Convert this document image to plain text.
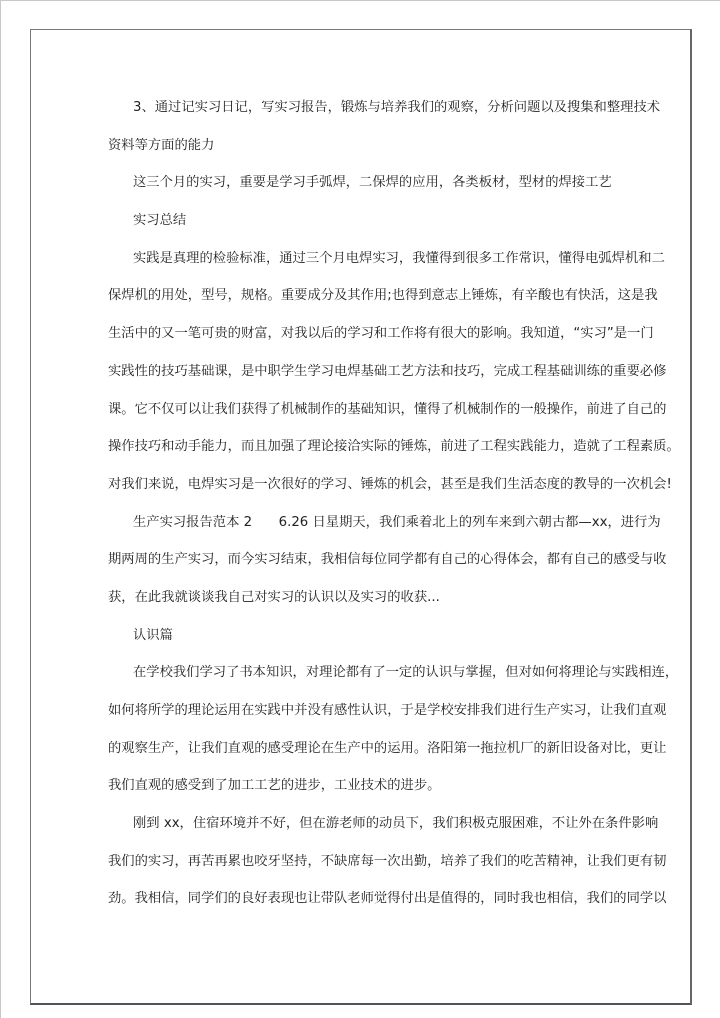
3、通过记实习日记，写实习报告，锻炼与培养我们的观察，分析问题以及搜集和整理技术
资料等方面的能力
这三个月的实习，重要是学习手弧焊，二保焊的应用，各类板材，型材的焊接工艺
实习总结
实践是真理的检验标准，通过三个月电焊实习，我懂得到很多工作常识，懂得电弧焊机和二
保焊机的用处，型号，规格。重要成分及其作用;也得到意志上锤炼，有辛酸也有快活，这是我
生活中的又一笔可贵的财富，对我以后的学习和工作将有很大的影响。我知道，“实习”是一门
实践性的技巧基础课，是中职学生学习电焊基础工艺方法和技巧，完成工程基础训练的重要必修
课。它不仅可以让我们获得了机械制作的基础知识，懂得了机械制作的一般操作，前进了自己的
操作技巧和动手能力，而且加强了理论接洽实际的锤炼，前进了工程实践能力，造就了工程素质。
对我们来说，电焊实习是一次很好的学习、锤炼的机会，甚至是我们生活态度的教导的一次机会!
生产实习报告范本 2　　6.26 日星期天，我们乘着北上的列车来到六朝古都—xx，进行为
期两周的生产实习，而今实习结束，我相信每位同学都有自己的心得体会，都有自己的感受与收
获，在此我就谈谈我自己对实习的认识以及实习的收获...
认识篇
在学校我们学习了书本知识，对理论都有了一定的认识与掌握，但对如何将理论与实践相连，
如何将所学的理论运用在实践中并没有感性认识，于是学校安排我们进行生产实习，让我们直观
的观察生产，让我们直观的感受理论在生产中的运用。洛阳第一拖拉机厂的新旧设备对比，更让
我们直观的感受到了加工工艺的进步，工业技术的进步。
刚到 xx，住宿环境并不好，但在游老师的动员下，我们积极克服困难，不让外在条件影响
我们的实习，再苦再累也咬牙坚持，不缺席每一次出勤，培养了我们的吃苦精神，让我们更有韧
劲。我相信，同学们的良好表现也让带队老师觉得付出是值得的，同时我也相信，我们的同学以
